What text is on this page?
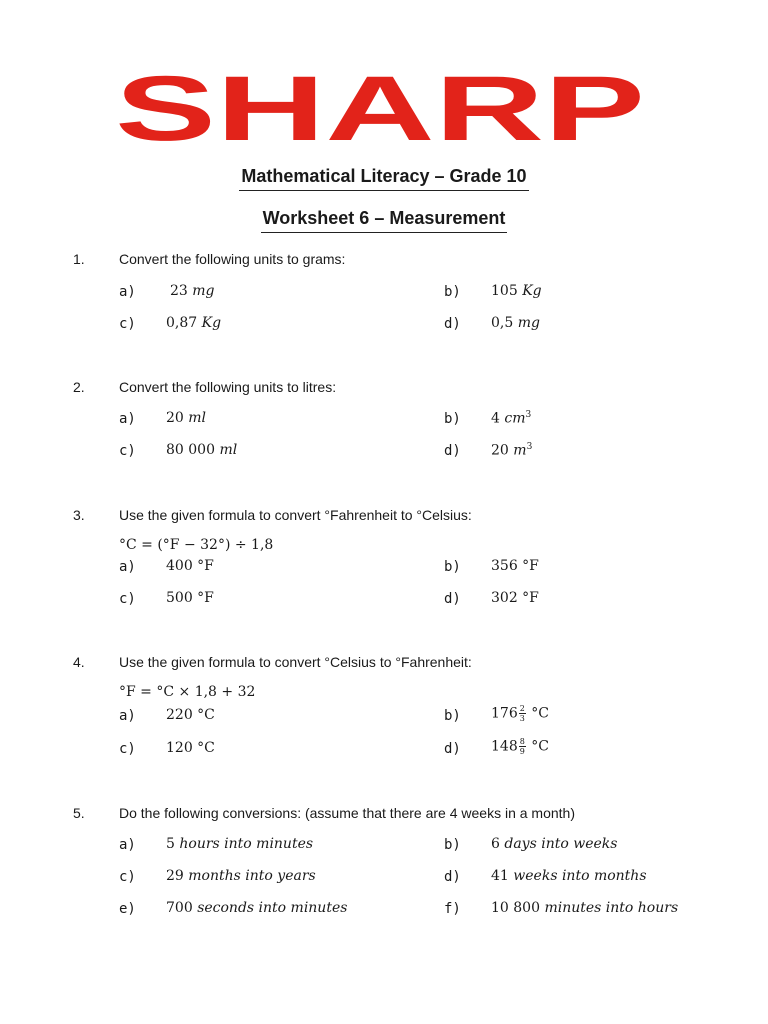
SHARP
Mathematical Literacy – Grade 10
Worksheet 6 – Measurement
1. Convert the following units to grams:
a) 23 mg	b) 105 Kg
c) 0,87 Kg	d) 0,5 mg
2. Convert the following units to litres:
a) 20 ml	b) 4 $cm^3$
c) 80 000 ml	d) 20 $m^3$
3. Use the given formula to convert °Fahrenheit to °Celsius:
°C = (°F − 32°) ÷ 1,8
a) 400 °F	b) 356 °F
c) 500 °F	d) 302 °F
4. Use the given formula to convert °Celsius to °Fahrenheit:
°F = °C × 1,8 + 32
a) 220 °C	b) $176 \frac{2}{3} ^\circ C$
c) 120 °C	d) $148 \frac{8}{9} ^\circ C$
5. Do the following conversions: (assume that there are 4 weeks in a month)
a) 5 hours into minutes	b) 6 days into weeks
c) 29 months into years	d) 41 weeks into months
e) 700 seconds into minutes	f) 10 800 minutes into hours
